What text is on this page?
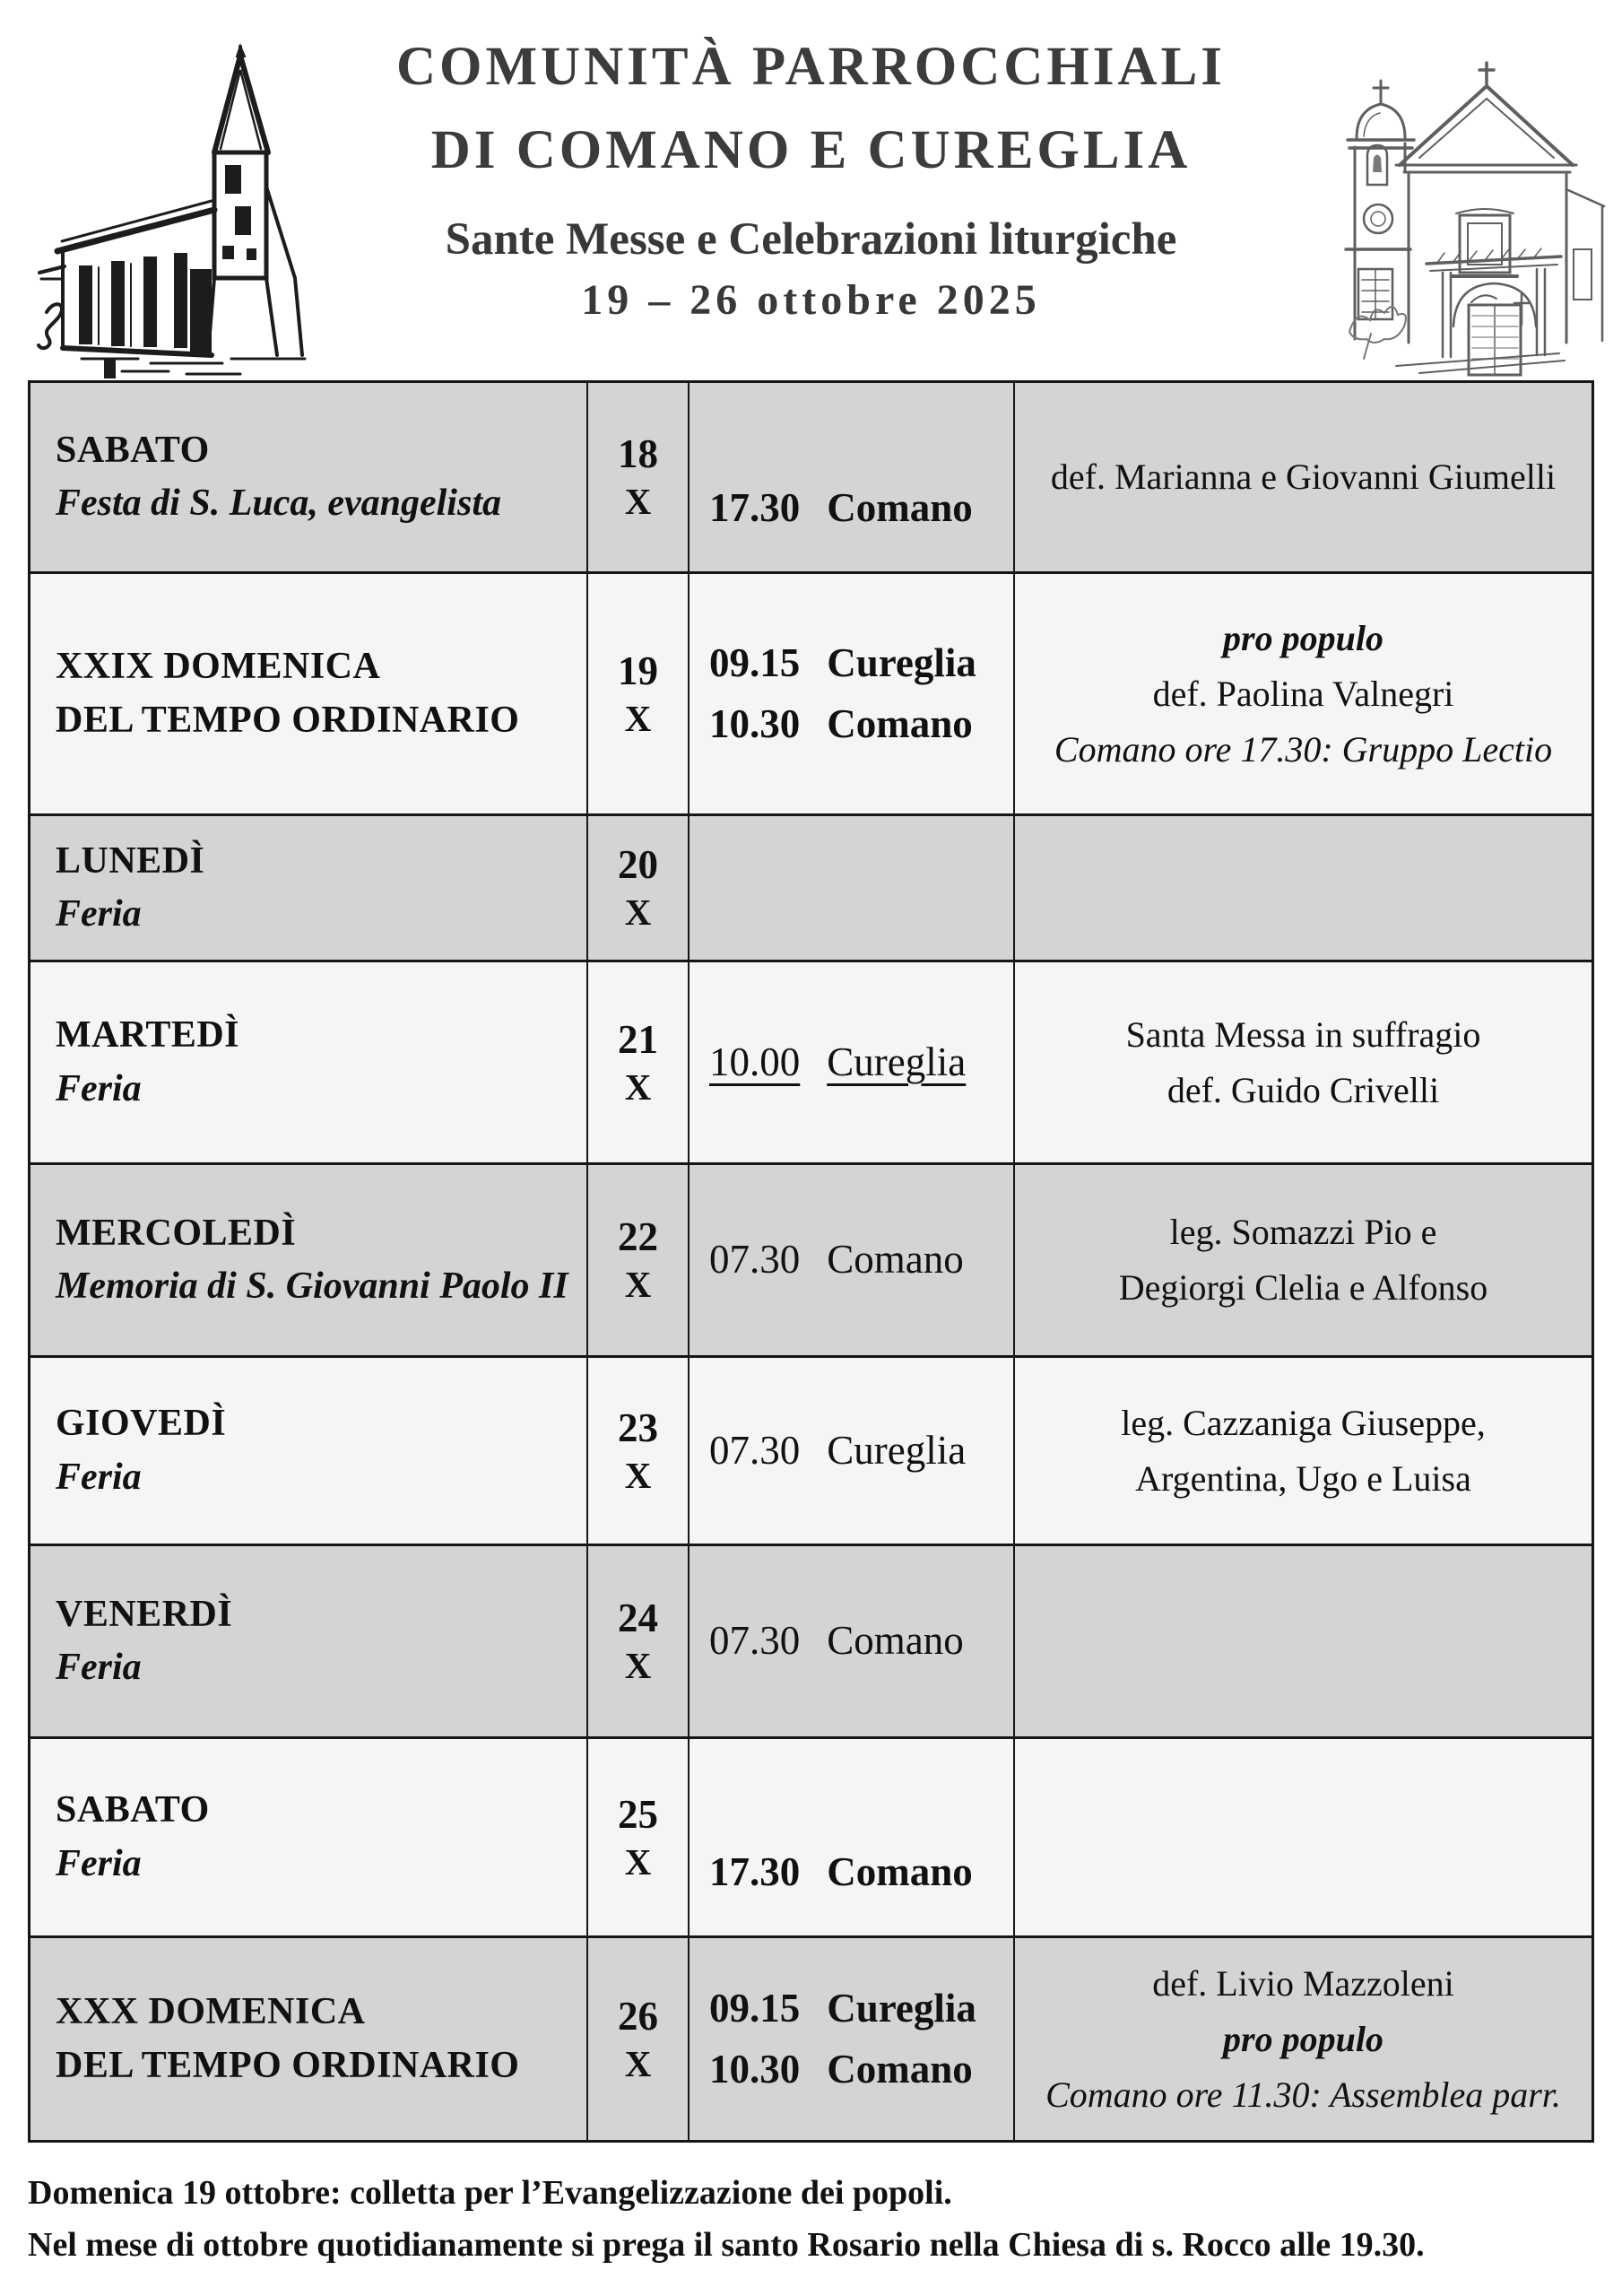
COMUNITÀ PARROCCHIALI
DI COMANO E CUREGLIA
Sante Messe e Celebrazioni liturgiche
19 – 26 ottobre 2025
SABATO
Festa di S. Luca, evangelista
18
X 17.30 Comano
def. Marianna e Giovanni Giumelli
XXIX DOMENICA
DEL TEMPO ORDINARIO
19
X
09.15 Cureglia
10.30 Comano
pro populo
def. Paolina Valnegri
Comano ore 17.30: Gruppo Lectio
LUNEDÌ
Feria
20
X
MARTEDÌ
Feria
21
X
10.00 Cureglia
Santa Messa in suffragio
def. Guido Crivelli
MERCOLEDÌ
Memoria di S. Giovanni Paolo II
22
X
07.30 Comano
leg. Somazzi Pio e
Degiorgi Clelia e Alfonso
GIOVEDÌ
Feria
23
X
07.30 Cureglia
leg. Cazzaniga Giuseppe,
Argentina, Ugo e Luisa
VENERDÌ
Feria
24
X
07.30 Comano
SABATO
Feria
25
X 17.30 Comano
XXX DOMENICA
DEL TEMPO ORDINARIO
26
X
09.15 Cureglia
10.30 Comano
def. Livio Mazzoleni
pro populo
Comano ore 11.30: Assemblea parr.

Domenica 19 ottobre: colletta per l’Evangelizzazione dei popoli.

Nel mese di ottobre quotidianamente si prega il santo Rosario nella Chiesa di s. Rocco alle 19.30.
